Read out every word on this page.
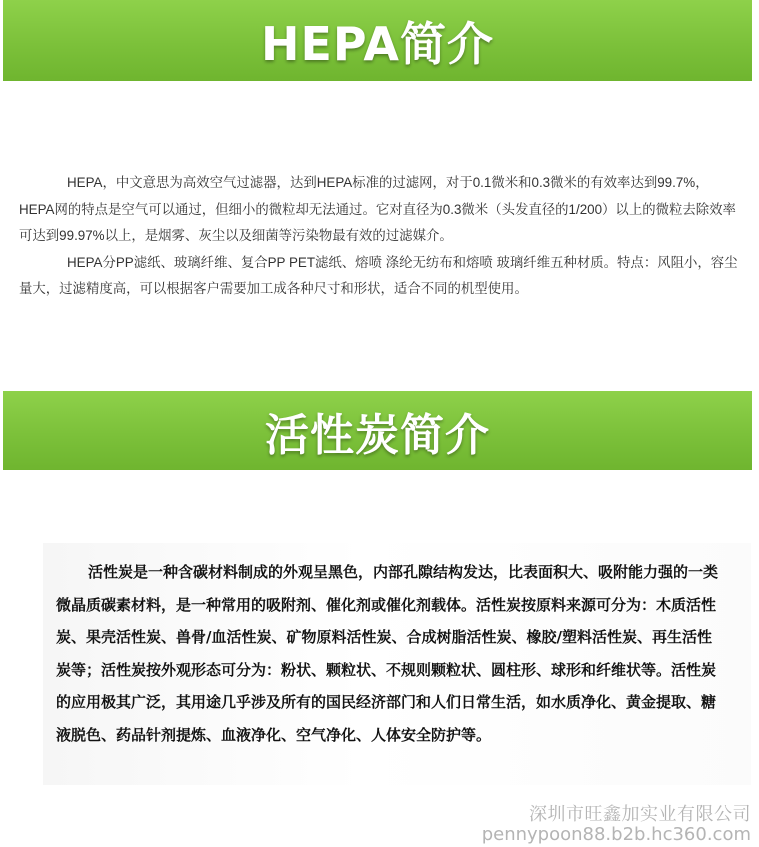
HEPA简介

HEPA，中文意思为高效空气过滤器，达到HEPA标准的过滤网，对于0.1微米和0.3微米的有效率达到99.7%，HEPA网的特点是空气可以通过，但细小的微粒却无法通过。它对直径为0.3微米（头发直径的1/200）以上的微粒去除效率可达到99.97%以上，是烟雾、灰尘以及细菌等污染物最有效的过滤媒介。

HEPA分PP滤纸、玻璃纤维、复合PP PET滤纸、熔喷 涤纶无纺布和熔喷 玻璃纤维五种材质。特点：风阻小，容尘量大，过滤精度高，可以根据客户需要加工成各种尺寸和形状，适合不同的机型使用。

活性炭简介

活性炭是一种含碳材料制成的外观呈黑色，内部孔隙结构发达，比表面积大、吸附能力强的一类微晶质碳素材料，是一种常用的吸附剂、催化剂或催化剂载体。活性炭按原料来源可分为：木质活性炭、果壳活性炭、兽骨/血活性炭、矿物原料活性炭、合成树脂活性炭、橡胶/塑料活性炭、再生活性炭等；活性炭按外观形态可分为：粉状、颗粒状、不规则颗粒状、圆柱形、球形和纤维状等。活性炭的应用极其广泛，其用途几乎涉及所有的国民经济部门和人们日常生活，如水质净化、黄金提取、糖液脱色、药品针剂提炼、血液净化、空气净化、人体安全防护等。

深圳市旺鑫加实业有限公司
pennypoon88.b2b.hc360.com
